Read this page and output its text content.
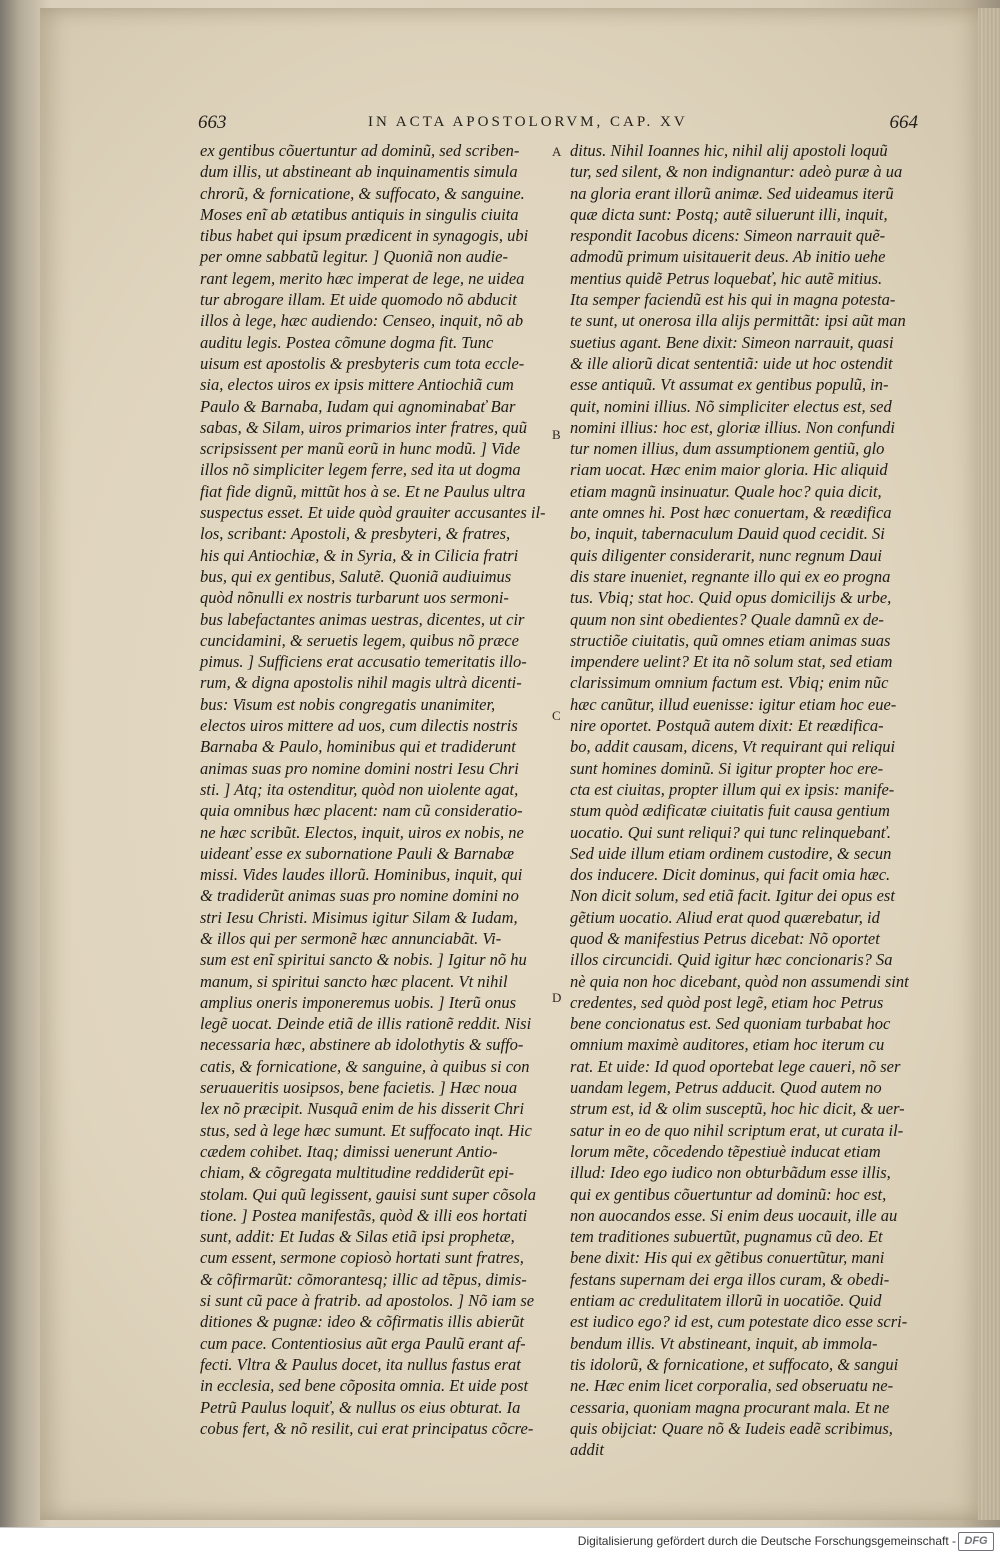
663	IN ACTA APOSTOLORVM, CAP. XV	664
ex gentibus cõuertuntur ad dominũ, sed scriben-
dum illis, ut abstineant ab inquinamentis simula
chrorũ, & fornicatione, & suffocato, & sanguine.
Moses enĩ ab ætatibus antiquis in singulis ciuita
tibus habet qui ipsum prædicent in synagogis, ubi
per omne sabbatũ legitur. ] Quoniã non audie-
rant legem, merito hæc imperat de lege, ne uidea
tur abrogare illam. Et uide quomodo nõ abducit
illos à lege, hæc audiendo: Censeo, inquit, nõ ab
auditu legis. Postea cõmune dogma fit. Tunc
uisum est apostolis & presbyteris cum tota eccle-
sia, electos uiros ex ipsis mittere Antiochiã cum
Paulo & Barnaba, Iudam qui agnominabať Bar
sabas, & Silam, uiros primarios inter fratres, quũ
scripsissent per manũ eorũ in hunc modũ. ] Vide
illos nõ simpliciter legem ferre, sed ita ut dogma
fiat fide dignũ, mittũt hos à se. Et ne Paulus ultra
suspectus esset. Et uide quòd grauiter accusantes il-
los, scribant: Apostoli, & presbyteri, & fratres,
his qui Antiochiæ, & in Syria, & in Cilicia fratri
bus, qui ex gentibus, Salutẽ. Quoniã audiuimus
quòd nõnulli ex nostris turbarunt uos sermoni-
bus labefactantes animas uestras, dicentes, ut cir
cuncidamini, & seruetis legem, quibus nõ præce
pimus. ] Sufficiens erat accusatio temeritatis illo-
rum, & digna apostolis nihil magis ultrà dicenti-
bus: Visum est nobis congregatis unanimiter,
electos uiros mittere ad uos, cum dilectis nostris
Barnaba & Paulo, hominibus qui et tradiderunt
animas suas pro nomine domini nostri Iesu Chri
sti. ] Atq; ita ostenditur, quòd non uiolente agat,
quia omnibus hæc placent: nam cũ consideratio-
ne hæc scribũt. Electos, inquit, uiros ex nobis, ne
uideanť esse ex subornatione Pauli & Barnabæ
missi. Vides laudes illorũ. Hominibus, inquit, qui
& tradiderũt animas suas pro nomine domini no
stri Iesu Christi. Misimus igitur Silam & Iudam,
& illos qui per sermonẽ hæc annunciabãt. Vi-
sum est enĩ spiritui sancto & nobis. ] Igitur nõ hu
manum, si spiritui sancto hæc placent. Vt nihil
amplius oneris imponeremus uobis. ] Iterũ onus
legẽ uocat. Deinde etiã de illis rationẽ reddit. Nisi
necessaria hæc, abstinere ab idolothytis & suffo-
catis, & fornicatione, & sanguine, à quibus si con
seruaueritis uosipsos, bene facietis. ] Hæc noua
lex nõ præcipit. Nusquã enim de his disserit Chri
stus, sed à lege hæc sumunt. Et suffocato inqt. Hic
cædem cohibet. Itaq; dimissi uenerunt Antio-
chiam, & cõgregata multitudine reddiderũt epi-
stolam. Qui quũ legissent, gauisi sunt super cõsola
tione. ] Postea manifestãs, quòd & illi eos hortati
sunt, addit: Et Iudas & Silas etiã ipsi prophetæ,
cum essent, sermone copiosò hortati sunt fratres,
& cõfirmarũt: cõmorantesq; illic ad tẽpus, dimis-
si sunt cũ pace à fratrib. ad apostolos. ] Nõ iam se
ditiones & pugnæ: ideo & cõfirmatis illis abierũt
cum pace. Contentiosius aũt erga Paulũ erant af-
fecti. Vltra & Paulus docet, ita nullus fastus erat
in ecclesia, sed bene cõposita omnia. Et uide post
Petrũ Paulus loquiť, & nullus os eius obturat. Ia
cobus fert, & nõ resilit, cui erat principatus cõcre-
ditus. Nihil Ioannes hic, nihil alij apostoli loquũ
tur, sed silent, & non indignantur: adeò puræ à ua
na gloria erant illorũ animæ. Sed uideamus iterũ
quæ dicta sunt: Postq; autẽ siluerunt illi, inquit,
respondit Iacobus dicens: Simeon narrauit quẽ-
admodũ primum uisitauerit deus. Ab initio uehe
mentius quidẽ Petrus loquebať, hic autẽ mitius.
Ita semper faciendũ est his qui in magna potesta-
te sunt, ut onerosa illa alijs permittãt: ipsi aũt man
suetius agant. Bene dixit: Simeon narrauit, quasi
& ille aliorũ dicat sententiã: uide ut hoc ostendit
esse antiquũ. Vt assumat ex gentibus populũ, in-
quit, nomini illius. Nõ simpliciter electus est, sed
nomini illius: hoc est, gloriæ illius. Non confundi
tur nomen illius, dum assumptionem gentiũ, glo
riam uocat. Hæc enim maior gloria. Hic aliquid
etiam magnũ insinuatur. Quale hoc? quia dicit,
ante omnes hi. Post hæc conuertam, & reædifica
bo, inquit, tabernaculum Dauid quod cecidit. Si
quis diligenter considerarit, nunc regnum Daui
dis stare inueniet, regnante illo qui ex eo progna
tus. Vbiq; stat hoc. Quid opus domicilijs & urbe,
quum non sint obedientes? Quale damnũ ex de-
structiõe ciuitatis, quũ omnes etiam animas suas
impendere uelint? Et ita nõ solum stat, sed etiam
clarissimum omnium factum est. Vbiq; enim nũc
hæc canũtur, illud euenisse: igitur etiam hoc eue-
nire oportet. Postquã autem dixit: Et reædifica-
bo, addit causam, dicens, Vt requirant qui reliqui
sunt homines dominũ. Si igitur propter hoc ere-
cta est ciuitas, propter illum qui ex ipsis: manife-
stum quòd ædificatæ ciuitatis fuit causa gentium
uocatio. Qui sunt reliqui? qui tunc relinquebanť.
Sed uide illum etiam ordinem custodire, & secun
dos inducere. Dicit dominus, qui facit omia hæc.
Non dicit solum, sed etiã facit. Igitur dei opus est
gẽtium uocatio. Aliud erat quod quærebatur, id
quod & manifestius Petrus dicebat: Nõ oportet
illos circuncidi. Quid igitur hæc concionaris? Sa
nè quia non hoc dicebant, quòd non assumendi sint
credentes, sed quòd post legẽ, etiam hoc Petrus
bene concionatus est. Sed quoniam turbabat hoc
omnium maximè auditores, etiam hoc iterum cu
rat. Et uide: Id quod oportebat lege caueri, nõ ser
uandam legem, Petrus adducit. Quod autem no
strum est, id & olim susceptũ, hoc hic dicit, & uer-
satur in eo de quo nihil scriptum erat, ut curata il-
lorum mẽte, cõcedendo tẽpestiuè inducat etiam
illud: Ideo ego iudico non obturbãdum esse illis,
qui ex gentibus cõuertuntur ad dominũ: hoc est,
non auocandos esse. Si enim deus uocauit, ille au
tem traditiones subuertũt, pugnamus cũ deo. Et
bene dixit: His qui ex gẽtibus conuertũtur, mani
festans supernam dei erga illos curam, & obedi-
entiam ac credulitatem illorũ in uocatiõe. Quid
est iudico ego? id est, cum potestate dico esse scri-
bendum illis. Vt abstineant, inquit, ab immola-
tis idolorũ, & fornicatione, et suffocato, & sangui
ne. Hæc enim licet corporalia, sed obseruatu ne-
cessaria, quoniam magna procurant mala. Et ne
quis obijciat: Quare nõ & Iudeis eadẽ scribimus,
addit
A
B
C
D
Digitalisierung gefördert durch die Deutsche Forschungsgemeinschaft - DFG
